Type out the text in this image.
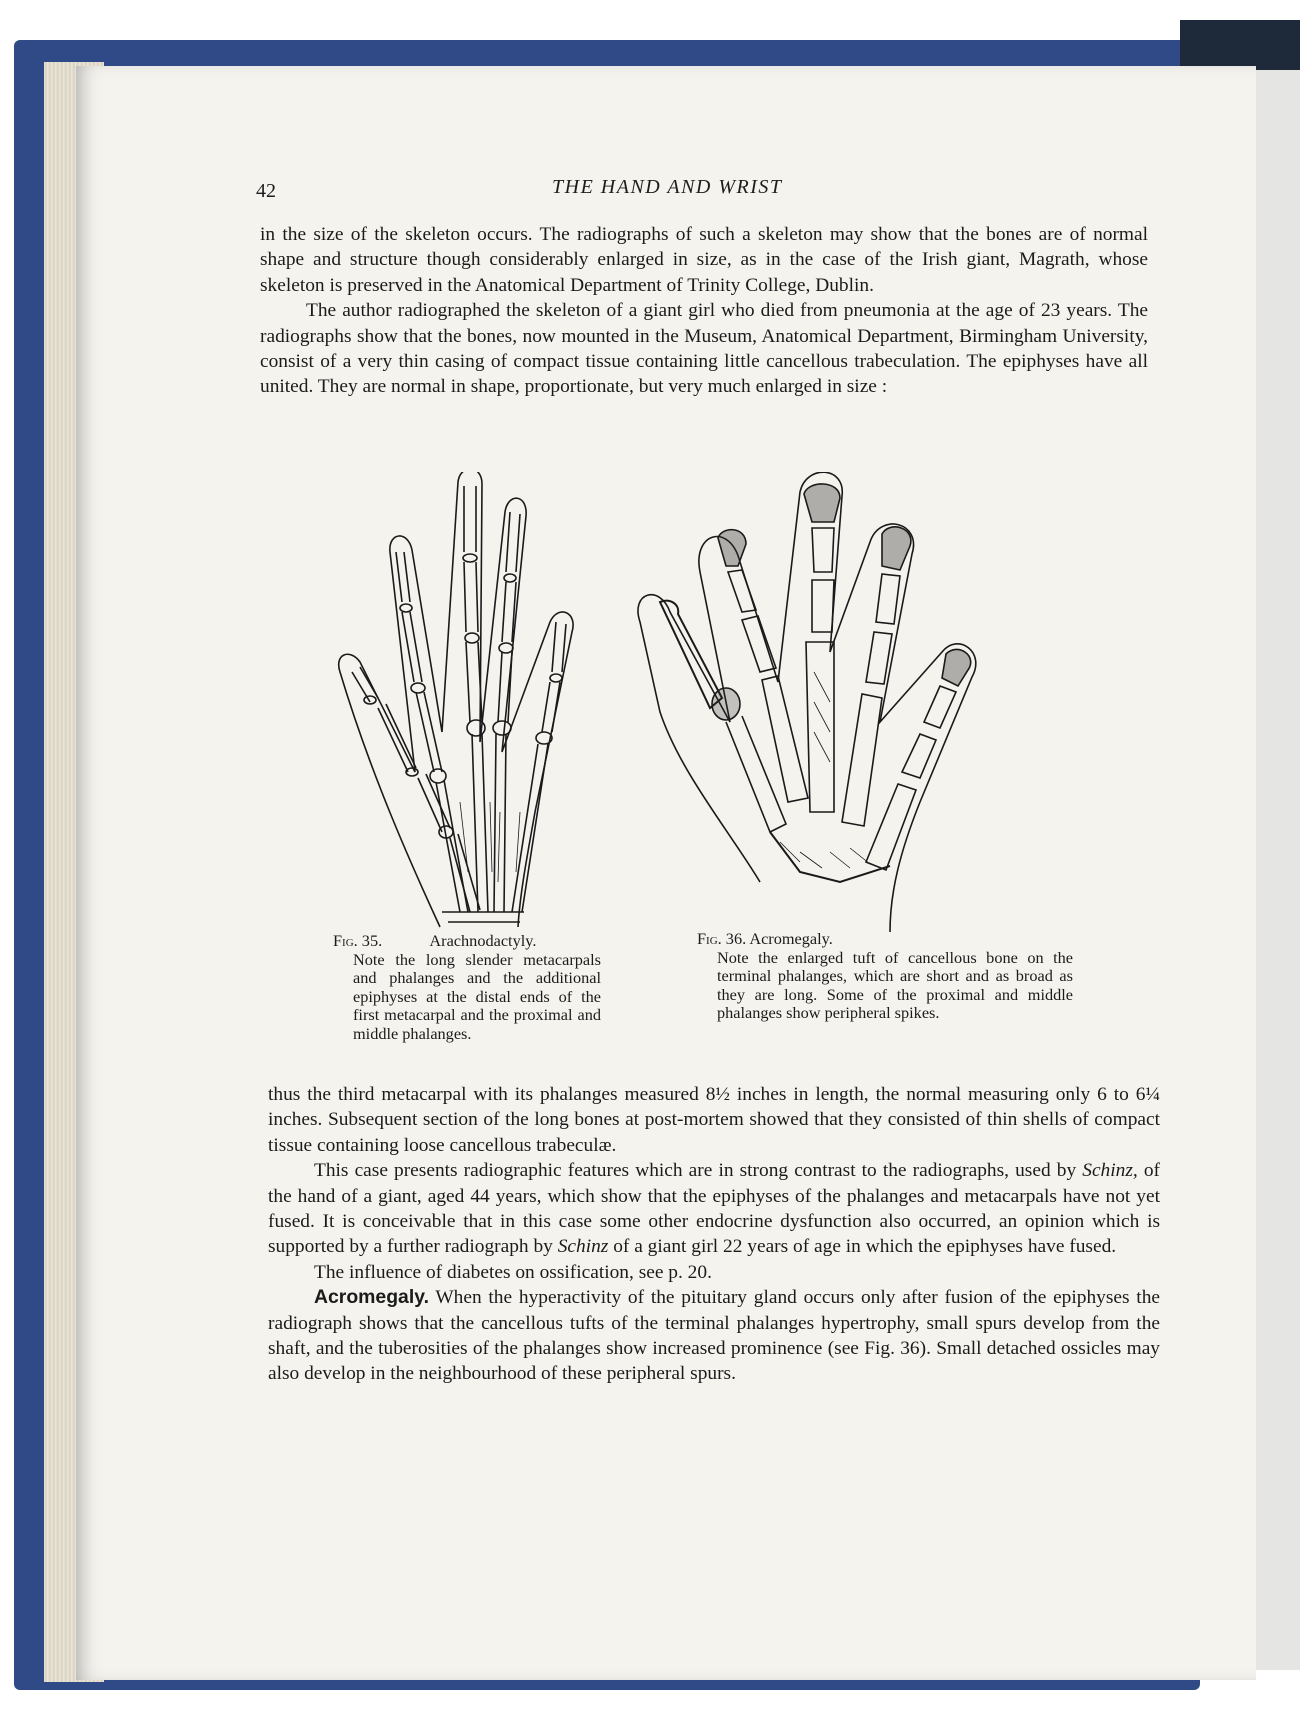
42	THE HAND AND WRIST

in the size of the skeleton occurs. The radiographs of such a skeleton may show that the bones are of normal shape and structure though considerably enlarged in size, as in the case of the Irish giant, Magrath, whose skeleton is preserved in the Anatomical Department of Trinity College, Dublin.

The author radiographed the skeleton of a giant girl who died from pneumonia at the age of 23 years. The radiographs show that the bones, now mounted in the Museum, Anatomical Department, Birmingham University, consist of a very thin casing of compact tissue containing little cancellous trabeculation. The epiphyses have all united. They are normal in shape, proportionate, but very much enlarged in size :

Fig. 35.	Arachnodactyly.
Note the long slender metacarpals and phalanges and the additional epiphyses at the distal ends of the first metacarpal and the proximal and middle phalanges.
Fig. 36. Acromegaly.
Note the enlarged tuft of cancellous bone on the terminal phalanges, which are short and as broad as they are long. Some of the proximal and middle phalanges show peripheral spikes.

thus the third metacarpal with its phalanges measured 8½ inches in length, the normal measuring only 6 to 6¼ inches. Subsequent section of the long bones at post-mortem showed that they consisted of thin shells of compact tissue containing loose cancellous trabeculæ.

This case presents radiographic features which are in strong contrast to the radiographs, used by Schinz, of the hand of a giant, aged 44 years, which show that the epiphyses of the phalanges and metacarpals have not yet fused. It is conceivable that in this case some other endocrine dysfunction also occurred, an opinion which is supported by a further radiograph by Schinz of a giant girl 22 years of age in which the epiphyses have fused.

The influence of diabetes on ossification, see p. 20.

Acromegaly. When the hyperactivity of the pituitary gland occurs only after fusion of the epiphyses the radiograph shows that the cancellous tufts of the terminal phalanges hypertrophy, small spurs develop from the shaft, and the tuberosities of the phalanges show increased prominence (see Fig. 36). Small detached ossicles may also develop in the neighbourhood of these peripheral spurs.
